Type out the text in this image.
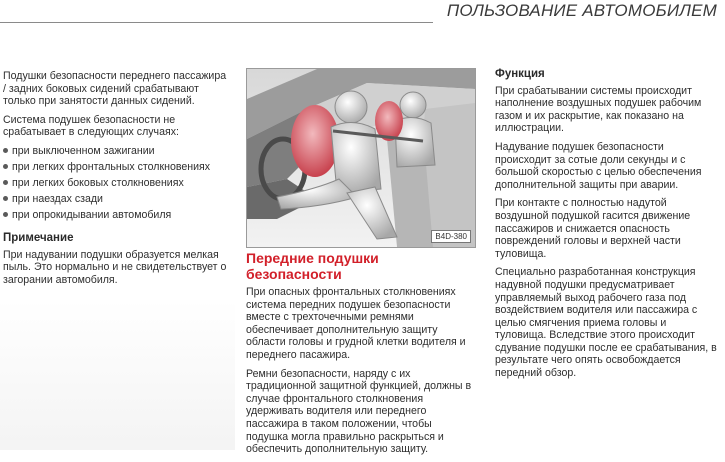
ПОЛЬЗОВАНИЕ АВТОМОБИЛЕМ

Подушки безопасности переднего пассажира / задних боковых сидений срабатывают только при занятости данных сидений.

Система подушек безопасности не срабатывает в следующих случаях:

при выключенном зажигании
при легких фронтальных столкновениях
при легких боковых столкновениях
при наездах сзади
при опрокидывании автомобиля
Примечание

При надувании подушки образуется мелкая пыль. Это нормально и не свидетельствует о загорании автомобиля.

B4D-380
Передние подушки безопасности

При опасных фронтальных столкновениях система передних подушек безопасности вместе с трехточечными ремнями обеспечивает дополнительную защиту области головы и грудной клетки водителя и переднего пасажира.

Ремни безопасности, наряду с их традиционной защитной функцией, должны в случае фронтального столкновения удерживать водителя или переднего пассажира в таком положении, чтобы подушка могла правильно раскрыться и обеспечить дополнительную защиту.

Функция

При срабатывании системы происходит наполнение воздушных подушек рабочим газом и их раскрытие, как показано на иллюстрации.

Надувание подушек безопасности происходит за сотые доли секунды и с большой скоростью с целью обеспечения дополнительной защиты при аварии.

При контакте с полностью надутой воздушной подушкой гасится движение пассажиров и снижается опасность повреждений головы и верхней части туловища.

Специально разработанная конструкция надувной подушки предусматривает управляемый выход рабочего газа под воздействием водителя или пассажира с целью смягчения приема головы и туловища. Вследствие этого происходит сдувание подушки после ее срабатывания, в результате чего опять освобождается передний обзор.
